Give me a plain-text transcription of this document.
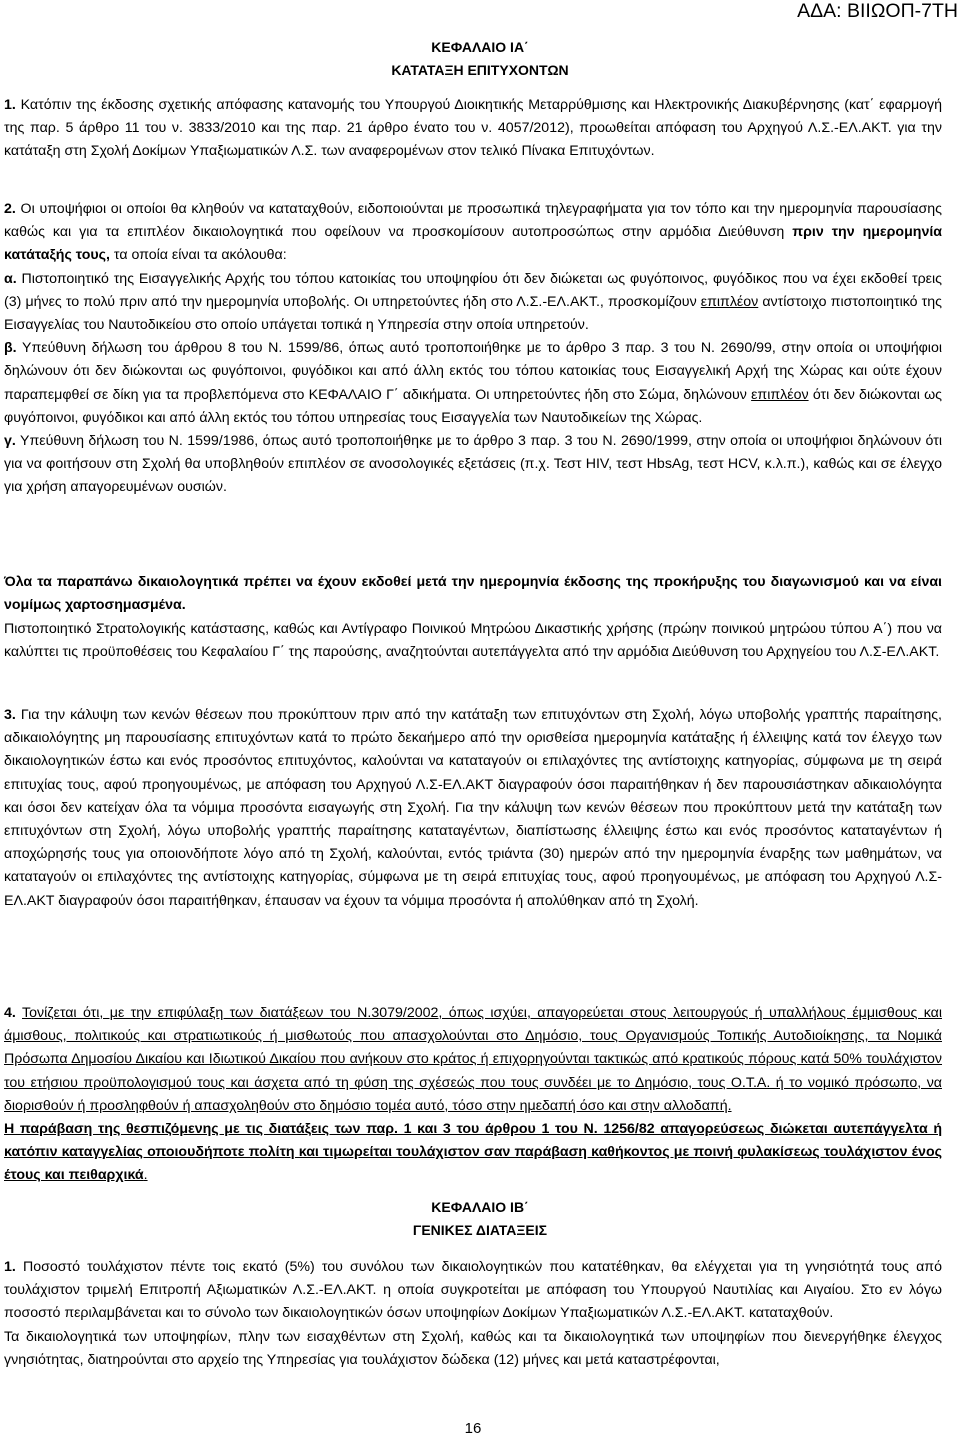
ΑΔΑ: ΒΙΙΩΟΠ-7ΤΗ
ΚΕΦΑΛΑΙΟ ΙΑ΄
ΚΑΤΑΤΑΞΗ ΕΠΙΤΥΧΟΝΤΩΝ
1. Κατόπιν της έκδοσης σχετικής απόφασης κατανομής του Υπουργού Διοικητικής Μεταρρύθμισης και Ηλεκτρονικής Διακυβέρνησης (κατ΄ εφαρμογή της παρ. 5 άρθρο 11 του ν. 3833/2010 και της παρ. 21 άρθρο ένατο του ν. 4057/2012), προωθείται απόφαση του Αρχηγού Λ.Σ.-ΕΛ.ΑΚΤ. για την κατάταξη στη Σχολή Δοκίμων Υπαξιωματικών Λ.Σ. των αναφερομένων στον τελικό Πίνακα Επιτυχόντων.
2. Οι υποψήφιοι οι οποίοι θα κληθούν να καταταχθούν, ειδοποιούνται με προσωπικά τηλεγραφήματα για τον τόπο και την ημερομηνία παρουσίασης καθώς και για τα επιπλέον δικαιολογητικά που οφείλουν να προσκομίσουν αυτοπροσώπως στην αρμόδια Διεύθυνση πριν την ημερομηνία κατάταξής τους, τα οποία είναι τα ακόλουθα:
α. Πιστοποιητικό της Εισαγγελικής Αρχής του τόπου κατοικίας του υποψηφίου ότι δεν διώκεται ως φυγόποινος, φυγόδικος που να έχει εκδοθεί τρεις (3) μήνες το πολύ πριν από την ημερομηνία υποβολής. Οι υπηρετούντες ήδη στο Λ.Σ.-ΕΛ.ΑΚΤ., προσκομίζουν επιπλέον αντίστοιχο πιστοποιητικό της Εισαγγελίας του Ναυτοδικείου στο οποίο υπάγεται τοπικά η Υπηρεσία στην οποία υπηρετούν.
β. Υπεύθυνη δήλωση του άρθρου 8 του Ν. 1599/86, όπως αυτό τροποποιήθηκε με το άρθρο 3 παρ. 3 του Ν. 2690/99, στην οποία οι υποψήφιοι δηλώνουν ότι δεν διώκονται ως φυγόποινοι, φυγόδικοι και από άλλη εκτός του τόπου κατοικίας τους Εισαγγελική Αρχή της Χώρας και ούτε έχουν παραπεμφθεί σε δίκη για τα προβλεπόμενα στο ΚΕΦΑΛΑΙΟ Γ΄ αδικήματα. Οι υπηρετούντες ήδη στο Σώμα, δηλώνουν επιπλέον ότι δεν διώκονται ως φυγόποινοι, φυγόδικοι και από άλλη εκτός του τόπου υπηρεσίας τους Εισαγγελία των Ναυτοδικείων της Χώρας.
γ. Υπεύθυνη δήλωση του Ν. 1599/1986, όπως αυτό τροποποιήθηκε με το άρθρο 3 παρ. 3 του Ν. 2690/1999, στην οποία οι υποψήφιοι δηλώνουν ότι για να φοιτήσουν στη Σχολή θα υποβληθούν επιπλέον σε ανοσολογικές εξετάσεις (π.χ. Τεστ HIV, τεστ HbsAg, τεστ HCV, κ.λ.π.), καθώς και σε έλεγχο για χρήση απαγορευμένων ουσιών.
Όλα τα παραπάνω δικαιολογητικά πρέπει να έχουν εκδοθεί μετά την ημερομηνία έκδοσης της προκήρυξης του διαγωνισμού και να είναι νομίμως χαρτοσημασμένα.
Πιστοποιητικό Στρατολογικής κατάστασης, καθώς και Αντίγραφο Ποινικού Μητρώου Δικαστικής χρήσης (πρώην ποινικού μητρώου τύπου Α΄) που να καλύπτει τις προϋποθέσεις του Κεφαλαίου Γ΄ της παρούσης, αναζητούνται αυτεπάγγελτα από την αρμόδια Διεύθυνση του Αρχηγείου του Λ.Σ-ΕΛ.ΑΚΤ.
3. Για την κάλυψη των κενών θέσεων που προκύπτουν πριν από την κατάταξη των επιτυχόντων στη Σχολή, λόγω υποβολής γραπτής παραίτησης, αδικαιολόγητης μη παρουσίασης επιτυχόντων κατά το πρώτο δεκαήμερο από την ορισθείσα ημερομηνία κατάταξης ή έλλειψης κατά τον έλεγχο των δικαιολογητικών έστω και ενός προσόντος επιτυχόντος, καλούνται να καταταγούν οι επιλαχόντες της αντίστοιχης κατηγορίας, σύμφωνα με τη σειρά επιτυχίας τους, αφού προηγουμένως, με απόφαση του Αρχηγού Λ.Σ-ΕΛ.ΑΚΤ διαγραφούν όσοι παραιτήθηκαν ή δεν παρουσιάστηκαν αδικαιολόγητα και όσοι δεν κατείχαν όλα τα νόμιμα προσόντα εισαγωγής στη Σχολή. Για την κάλυψη των κενών θέσεων που προκύπτουν μετά την κατάταξη των επιτυχόντων στη Σχολή, λόγω υποβολής γραπτής παραίτησης καταταγέντων, διαπίστωσης έλλειψης έστω και ενός προσόντος καταταγέντων ή αποχώρησής τους για οποιονδήποτε λόγο από τη Σχολή, καλούνται, εντός τριάντα (30) ημερών από την ημερομηνία έναρξης των μαθημάτων, να καταταγούν οι επιλαχόντες της αντίστοιχης κατηγορίας, σύμφωνα με τη σειρά επιτυχίας τους, αφού προηγουμένως, με απόφαση του Αρχηγού Λ.Σ-ΕΛ.ΑΚΤ διαγραφούν όσοι παραιτήθηκαν, έπαυσαν να έχουν τα νόμιμα προσόντα ή απολύθηκαν από τη Σχολή.
4. Τονίζεται ότι, με την επιφύλαξη των διατάξεων του Ν.3079/2002, όπως ισχύει, απαγορεύεται στους λειτουργούς ή υπαλλήλους έμμισθους και άμισθους, πολιτικούς και στρατιωτικούς ή μισθωτούς που απασχολούνται στο Δημόσιο, τους Οργανισμούς Τοπικής Αυτοδιοίκησης, τα Νομικά Πρόσωπα Δημοσίου Δικαίου και Ιδιωτικού Δικαίου που ανήκουν στο κράτος ή επιχορηγούνται τακτικώς από κρατικούς πόρους κατά 50% τουλάχιστον του ετήσιου προϋπολογισμού τους και άσχετα από τη φύση της σχέσεώς που τους συνδέει με το Δημόσιο, τους Ο.Τ.Α. ή το νομικό πρόσωπο, να διορισθούν ή προσληφθούν ή απασχοληθούν στο δημόσιο τομέα αυτό, τόσο στην ημεδαπή όσο και στην αλλοδαπή.
Η παράβαση της θεσπιζόμενης με τις διατάξεις των παρ. 1 και 3 του άρθρου 1 του Ν. 1256/82 απαγορεύσεως διώκεται αυτεπάγγελτα ή κατόπιν καταγγελίας οποιουδήποτε πολίτη και τιμωρείται τουλάχιστον σαν παράβαση καθήκοντος με ποινή φυλακίσεως τουλάχιστον ένος έτους και πειθαρχικά.
ΚΕΦΑΛΑΙΟ ΙΒ΄
ΓΕΝΙΚΕΣ ΔΙΑΤΑΞΕΙΣ
1. Ποσοστό τουλάχιστον πέντε τοις εκατό (5%) του συνόλου των δικαιολογητικών που κατατέθηκαν, θα ελέγχεται για τη γνησιότητά τους από τουλάχιστον τριμελή Επιτροπή Αξιωματικών Λ.Σ.-ΕΛ.ΑΚΤ. η οποία συγκροτείται με απόφαση του Υπουργού Ναυτιλίας και Αιγαίου. Στο εν λόγω ποσοστό περιλαμβάνεται και το σύνολο των δικαιολογητικών όσων υποψηφίων Δοκίμων Υπαξιωματικών Λ.Σ.-ΕΛ.ΑΚΤ. καταταχθούν.
Τα δικαιολογητικά των υποψηφίων, πλην των εισαχθέντων στη Σχολή, καθώς και τα δικαιολογητικά των υποψηφίων που διενεργήθηκε έλεγχος γνησιότητας, διατηρούνται στο αρχείο της Υπηρεσίας για τουλάχιστον δώδεκα (12) μήνες και μετά καταστρέφονται,
16
